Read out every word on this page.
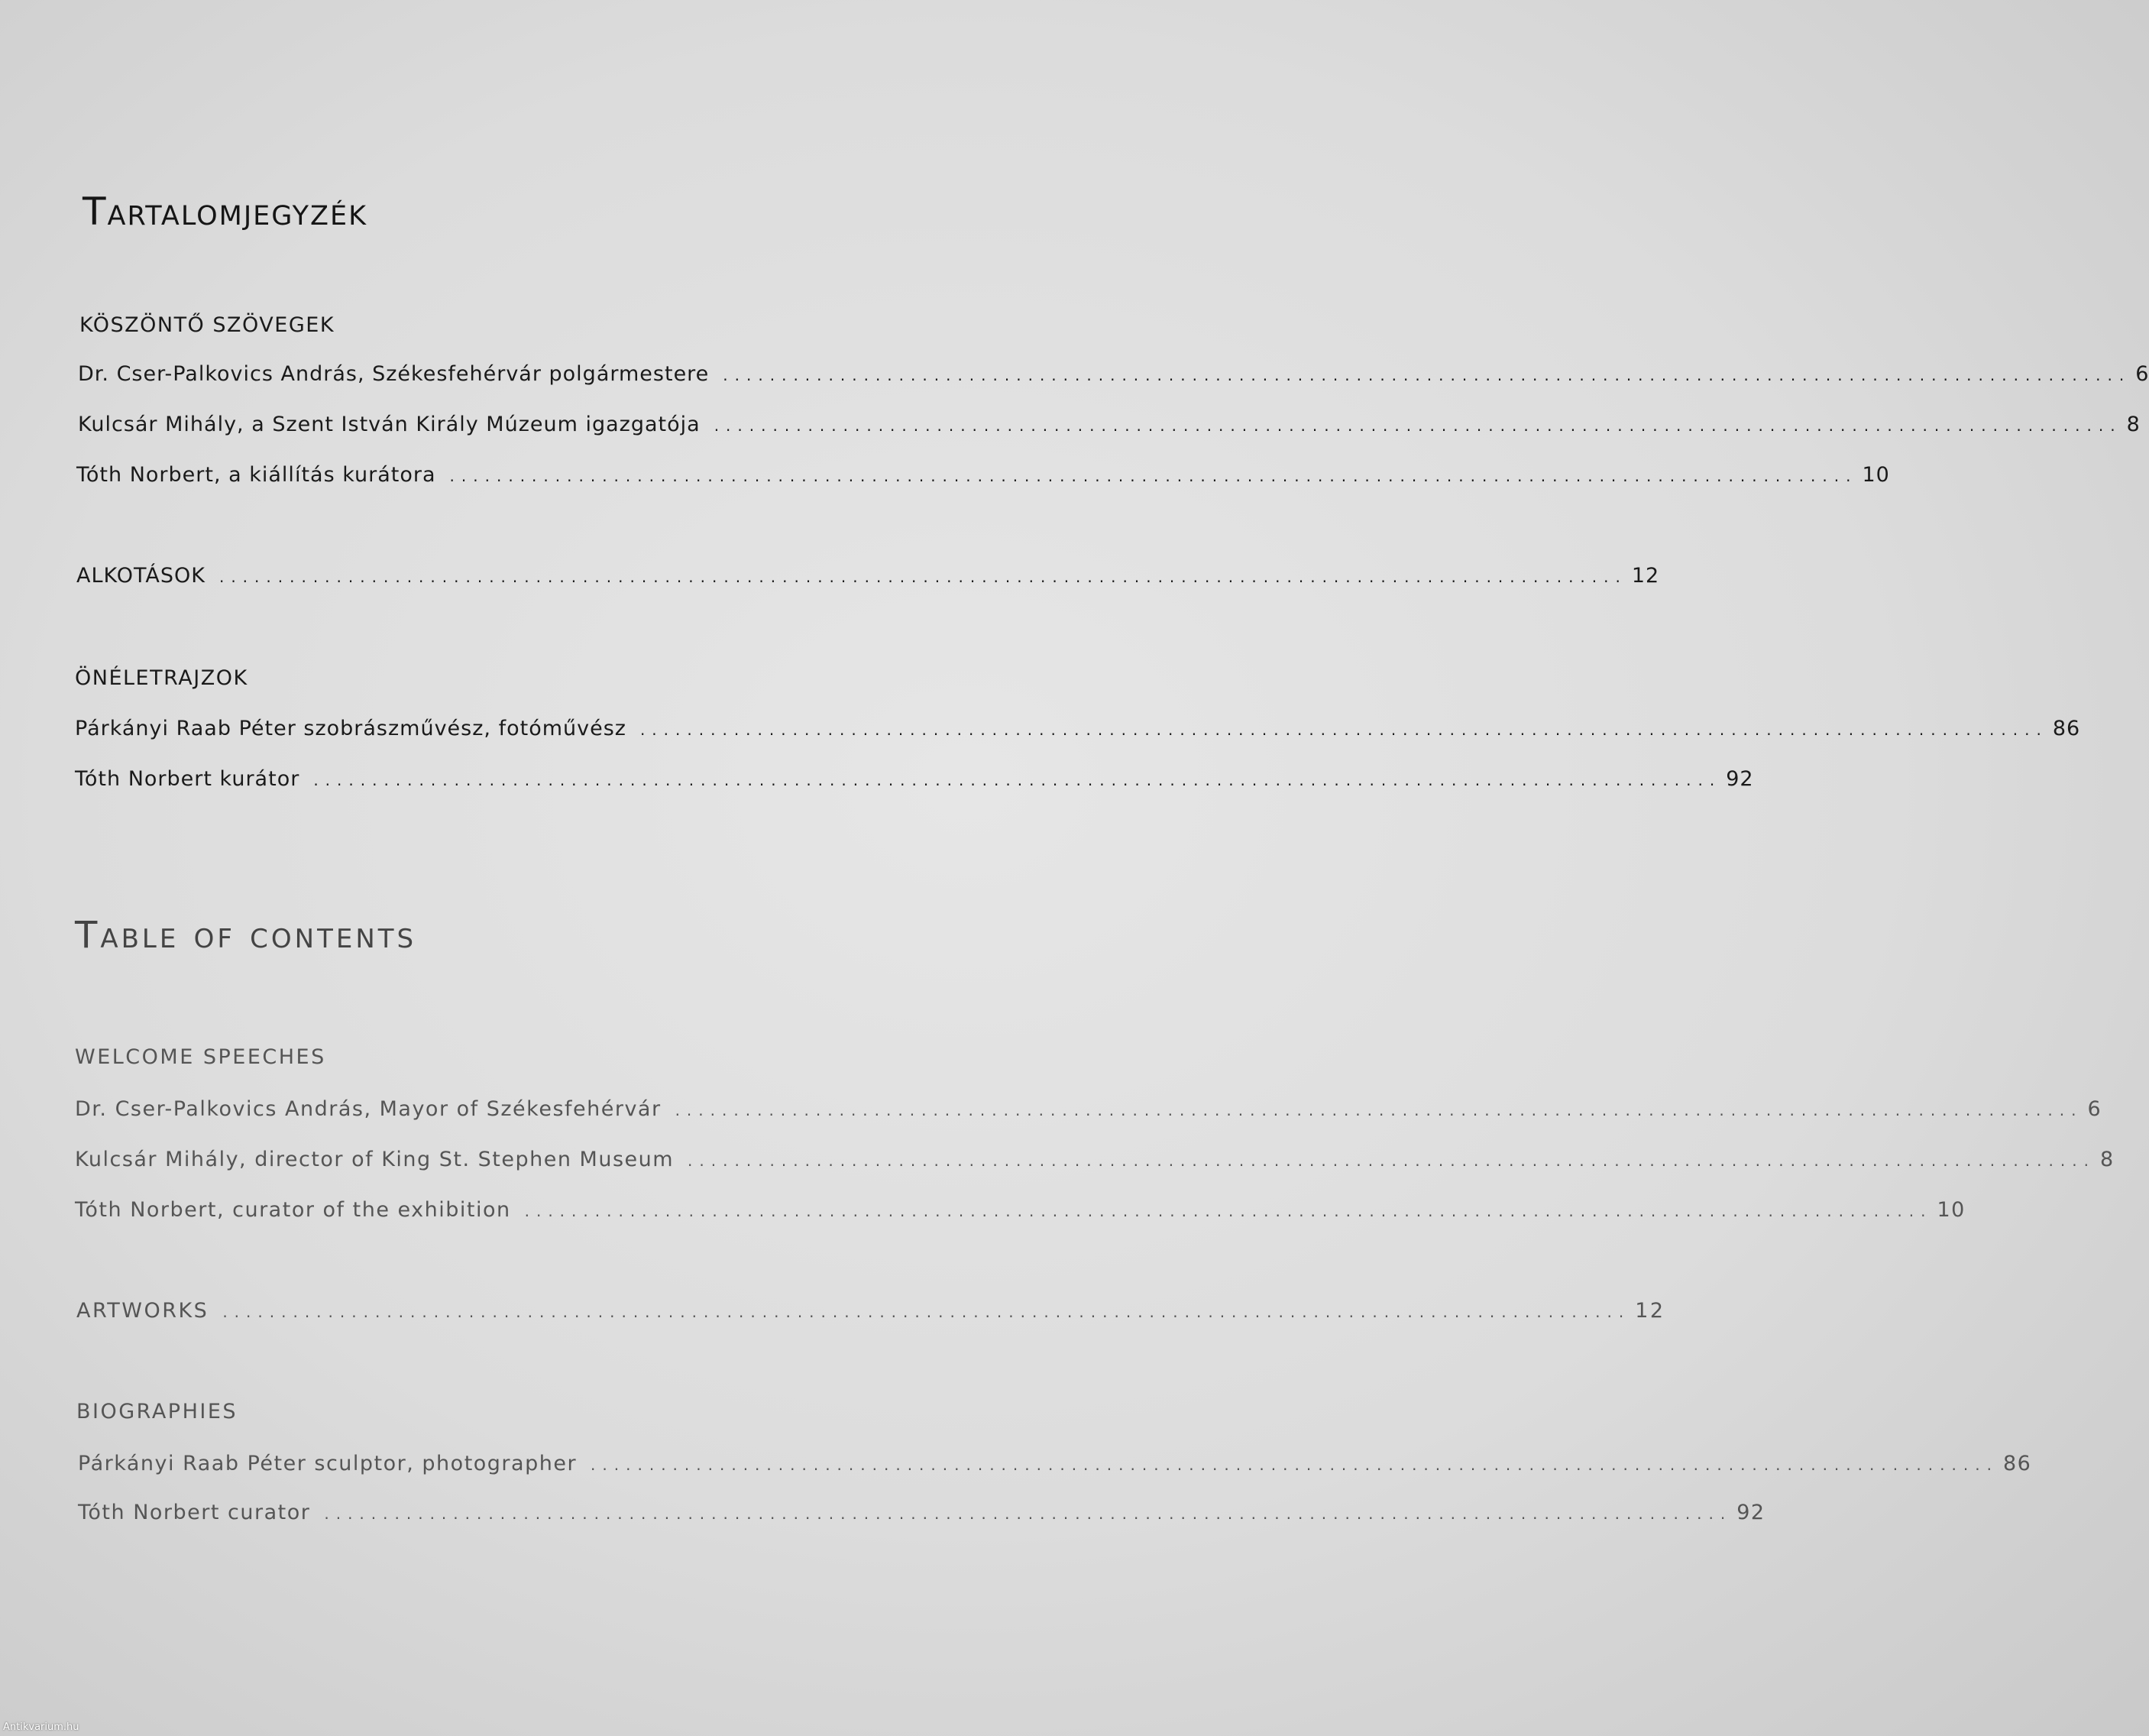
Tartalomjegyzék
KÖSZÖNTŐ SZÖVEGEK
Dr. Cser-Palkovics András, Székesfehérvár polgármestere ........................................................................................................................ 6
Kulcsár Mihály, a Szent István Király Múzeum igazgatója ........................................................................................................................ 8
Tóth Norbert, a kiállítás kurátora ........................................................................................................................ 10
ALKOTÁSOK ........................................................................................................................ 12
ÖNÉLETRAJZOK
Párkányi Raab Péter szobrászművész, fotóművész ........................................................................................................................ 86
Tóth Norbert kurátor ........................................................................................................................ 92
Table of contents
WELCOME SPEECHES
Dr. Cser-Palkovics András, Mayor of Székesfehérvár ........................................................................................................................ 6
Kulcsár Mihály, director of King St. Stephen Museum ........................................................................................................................ 8
Tóth Norbert, curator of the exhibition ........................................................................................................................ 10
ARTWORKS ........................................................................................................................ 12
BIOGRAPHIES
Párkányi Raab Péter sculptor, photographer ........................................................................................................................ 86
Tóth Norbert curator ........................................................................................................................ 92
Antikvarium.hu
